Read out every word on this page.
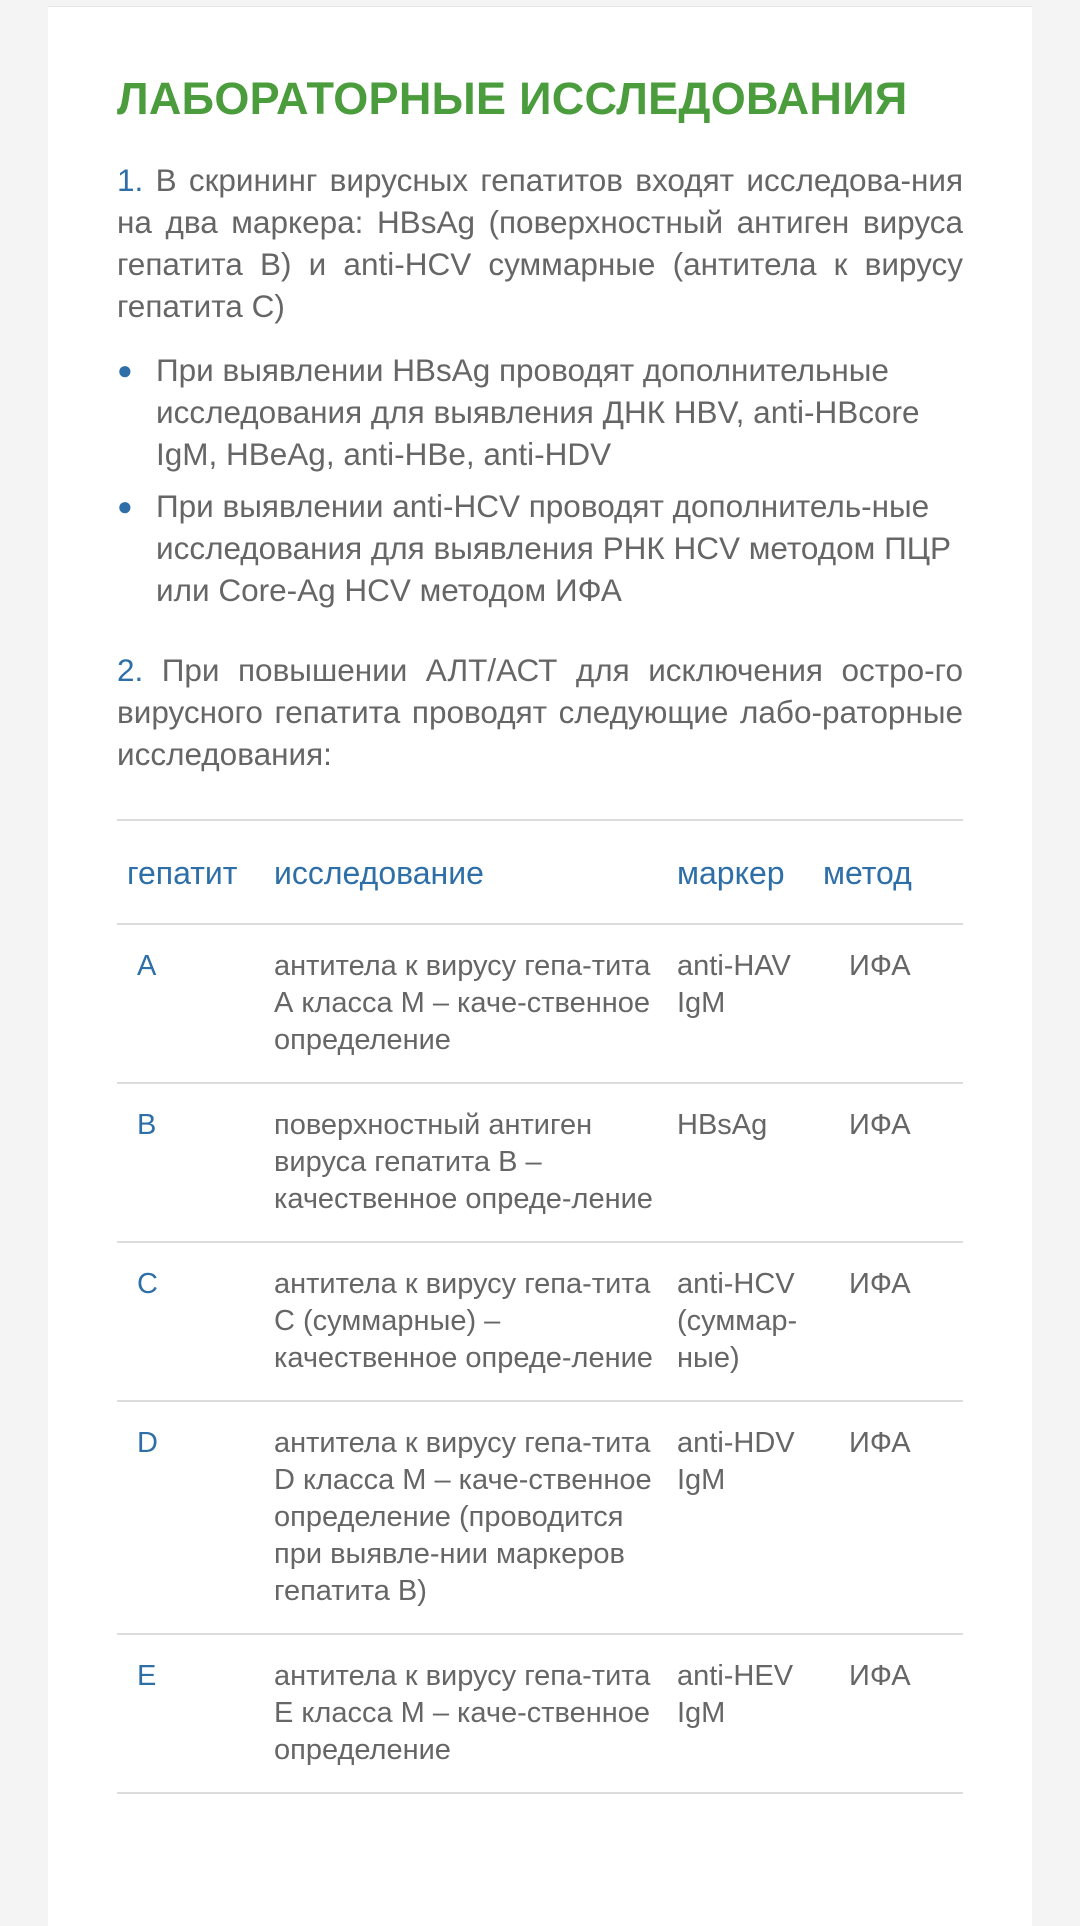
ЛАБОРАТОРНЫЕ ИССЛЕДОВАНИЯ

1. В скрининг вирусных гепатитов входят исследова-ния на два маркера: HBsAg (поверхностный антиген вируса гепатита В) и anti-HCV суммарные (антитела к вирусу гепатита С)

● При выявлении HBsAg проводят дополнительные исследования для выявления ДНК HBV, anti-HBcore IgM, HBeAg, anti-HBe, anti-HDV
● При выявлении anti-HCV проводят дополнитель-ные исследования для выявления РНК HCV методом ПЦР или Core-Ag HCV методом ИФА

2. При повышении АЛТ/АСТ для исключения остро-го вирусного гепатита проводят следующие лабо-раторные исследования:

гепатит	исследование	маркер	метод
A	антитела к вирусу гепа-тита А класса М – каче-ственное определение	anti-HAV IgM	ИФА
B	поверхностный антиген вируса гепатита В – качественное опреде-ление	HBsAg	ИФА
C	антитела к вирусу гепа-тита С (суммарные) – качественное опреде-ление	anti-HCV (суммар-ные)	ИФА
D	антитела к вирусу гепа-тита D класса М – каче-ственное определение (проводится при выявле-нии маркеров гепатита В)	anti-HDV IgM	ИФА
E	антитела к вирусу гепа-тита Е класса М – каче-ственное определение	anti-HEV IgM	ИФА
